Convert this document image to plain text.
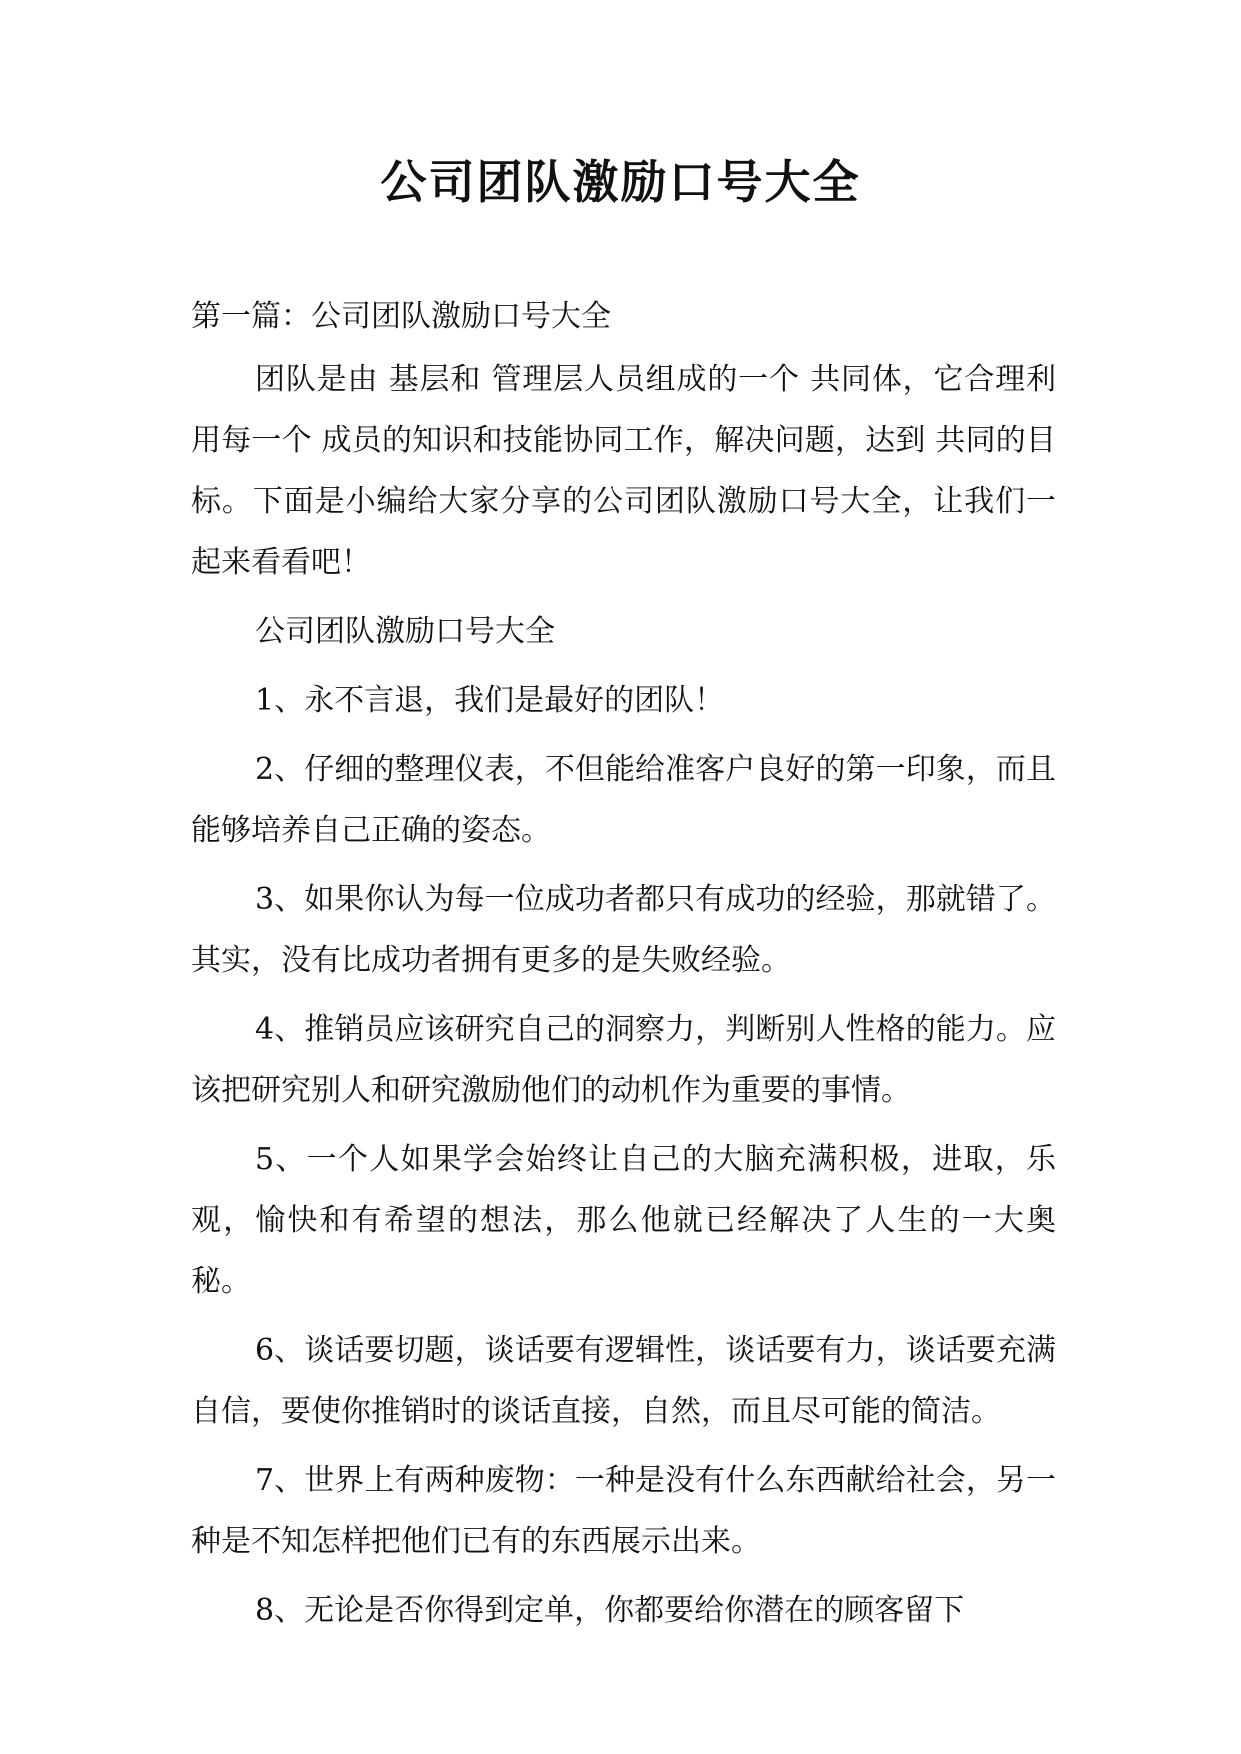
公司团队激励口号大全

第一篇：公司团队激励口号大全

团队是由 基层和 管理层人员组成的一个 共同体，它合理利用每一个 成员的知识和技能协同工作，解决问题，达到 共同的目标。下面是小编给大家分享的公司团队激励口号大全，让我们一起来看看吧！

公司团队激励口号大全

1、永不言退，我们是最好的团队！

2、仔细的整理仪表，不但能给准客户良好的第一印象，而且能够培养自己正确的姿态。

3、如果你认为每一位成功者都只有成功的经验，那就错了。其实，没有比成功者拥有更多的是失败经验。

4、推销员应该研究自己的洞察力，判断别人性格的能力。应该把研究别人和研究激励他们的动机作为重要的事情。

5、一个人如果学会始终让自己的大脑充满积极，进取，乐观，愉快和有希望的想法，那么他就已经解决了人生的一大奥秘。

6、谈话要切题，谈话要有逻辑性，谈话要有力，谈话要充满自信，要使你推销时的谈话直接，自然，而且尽可能的简洁。

7、世界上有两种废物：一种是没有什么东西献给社会，另一种是不知怎样把他们已有的东西展示出来。

8、无论是否你得到定单，你都要给你潜在的顾客留下
